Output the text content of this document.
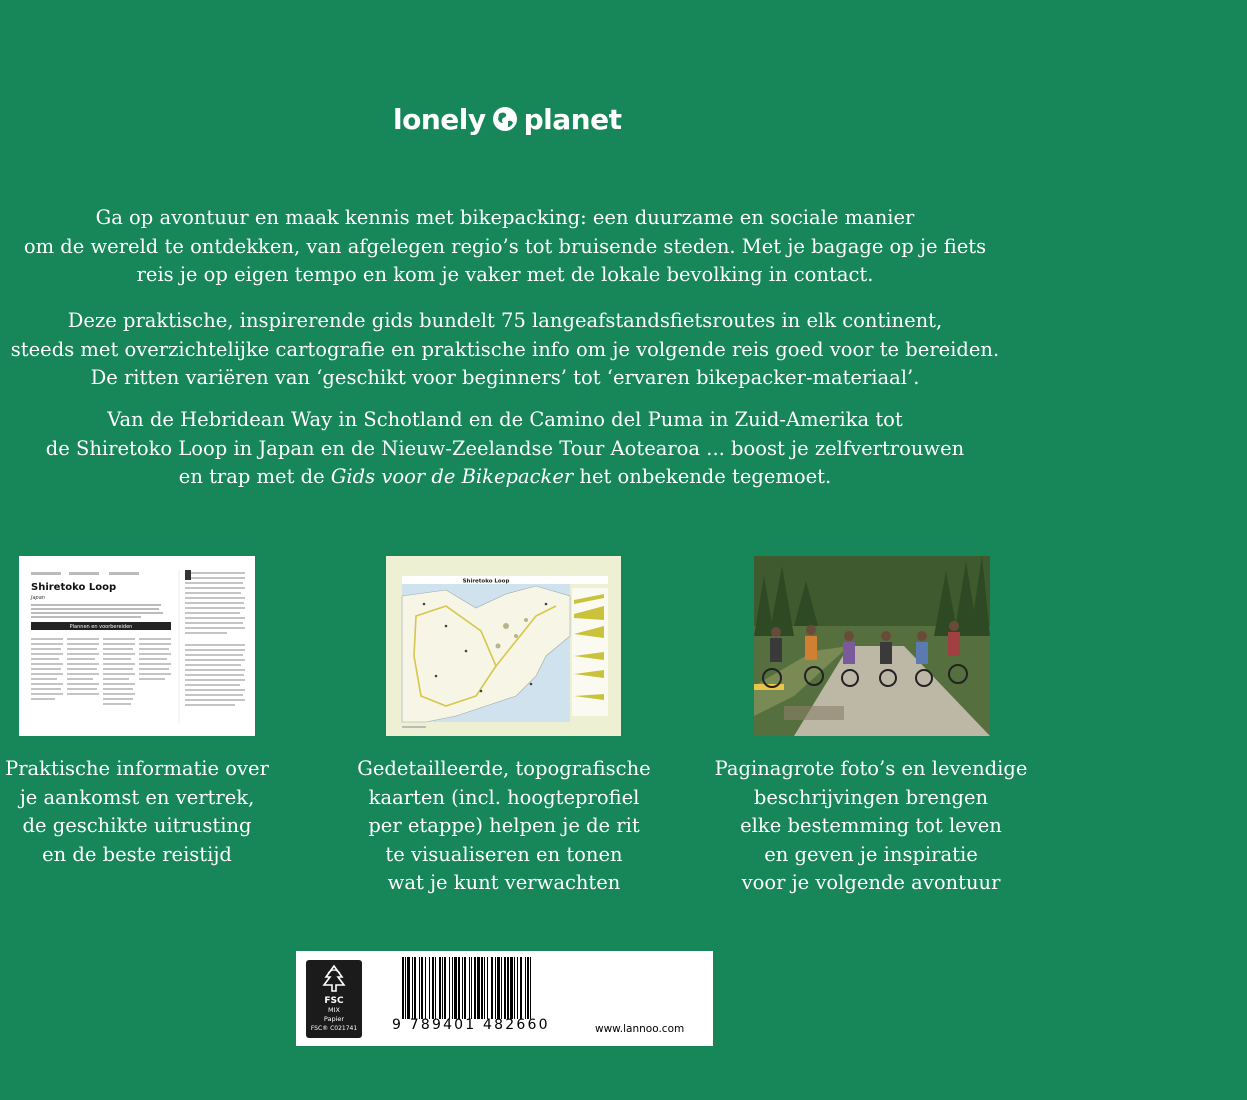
lonely planet

Ga op avontuur en maak kennis met bikepacking: een duurzame en sociale manier

om de wereld te ontdekken, van afgelegen regio’s tot bruisende steden. Met je bagage op je fiets

reis je op eigen tempo en kom je vaker met de lokale bevolking in contact.

Deze praktische, inspirerende gids bundelt 75 langeafstandsfietsroutes in elk continent,

steeds met overzichtelijke cartografie en praktische info om je volgende reis goed voor te bereiden.

De ritten variëren van ‘geschikt voor beginners’ tot ‘ervaren bikepacker-materiaal’.

Van de Hebridean Way in Schotland en de Camino del Puma in Zuid-Amerika tot

de Shiretoko Loop in Japan en de Nieuw-Zeelandse Tour Aotearoa ... boost je zelfvertrouwen

en trap met de Gids voor de Bikepacker het onbekende tegemoet.

Shiretoko Loop
Japan
Plannen en voorbereiden
Shiretoko Loop
Praktische informatie over
je aankomst en vertrek,
de geschikte uitrusting
en de beste reistijd
Gedetailleerde, topografische
kaarten (incl. hoogteprofiel
per etappe) helpen je de rit
te visualiseren en tonen
wat je kunt verwachten
Paginagrote foto’s en levendige
beschrijvingen brengen
elke bestemming tot leven
en geven je inspiratie
voor je volgende avontuur
FSC
MIX
Papier
FSC® C021741	9 789401 482660	www.lannoo.com
